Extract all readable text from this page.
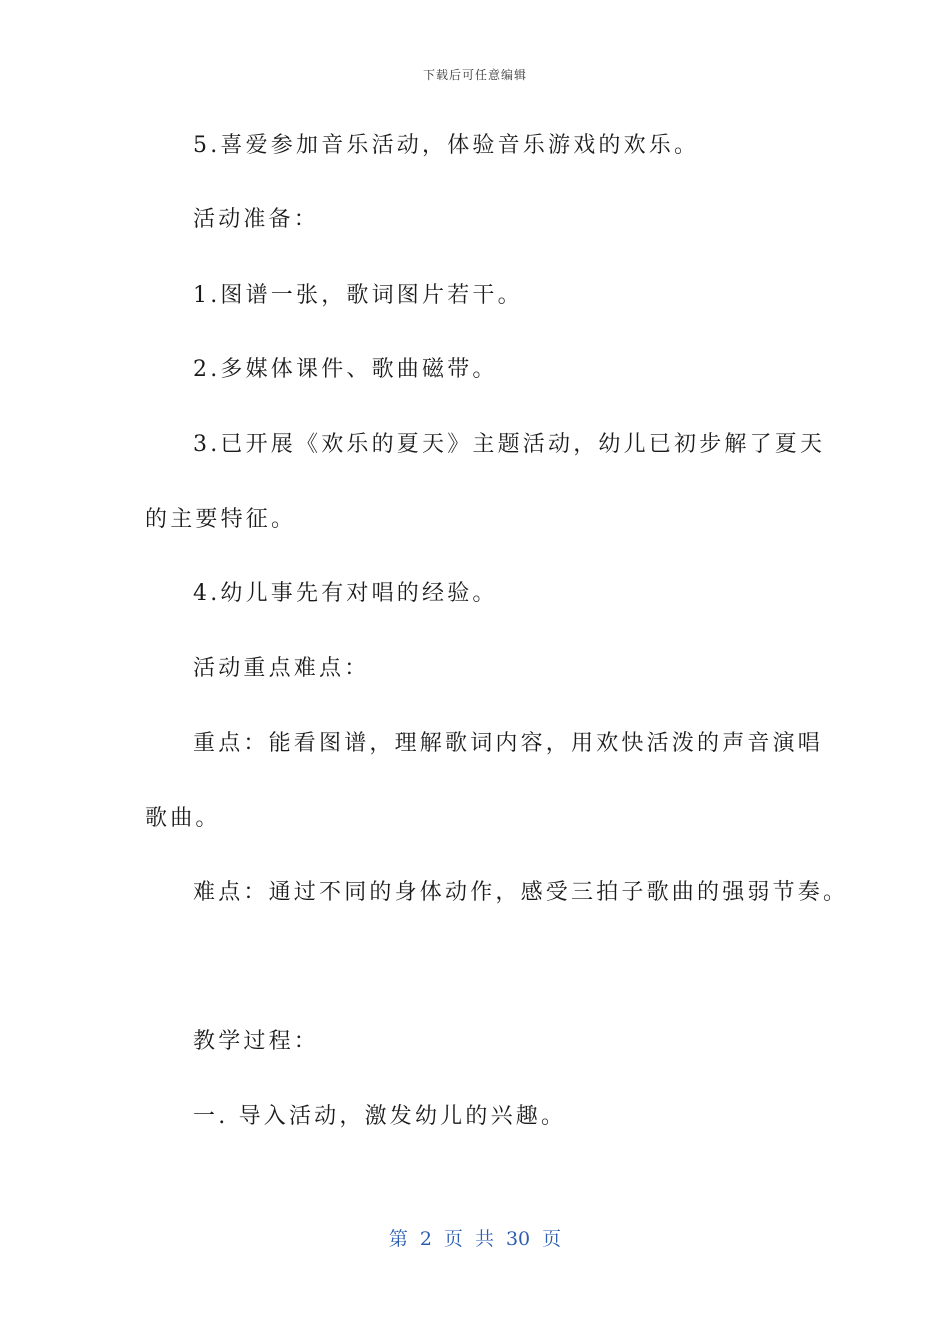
下载后可任意编辑
5.喜爱参加音乐活动，体验音乐游戏的欢乐。
活动准备：
1.图谱一张，歌词图片若干。
2.多媒体课件、歌曲磁带。
3.已开展《欢乐的夏天》主题活动，幼儿已初步解了夏天
的主要特征。
4.幼儿事先有对唱的经验。
活动重点难点：
重点：能看图谱，理解歌词内容，用欢快活泼的声音演唱
歌曲。
难点：通过不同的身体动作，感受三拍子歌曲的强弱节奏。
教学过程：
一. 导入活动，激发幼儿的兴趣。
第 2 页 共 30 页
